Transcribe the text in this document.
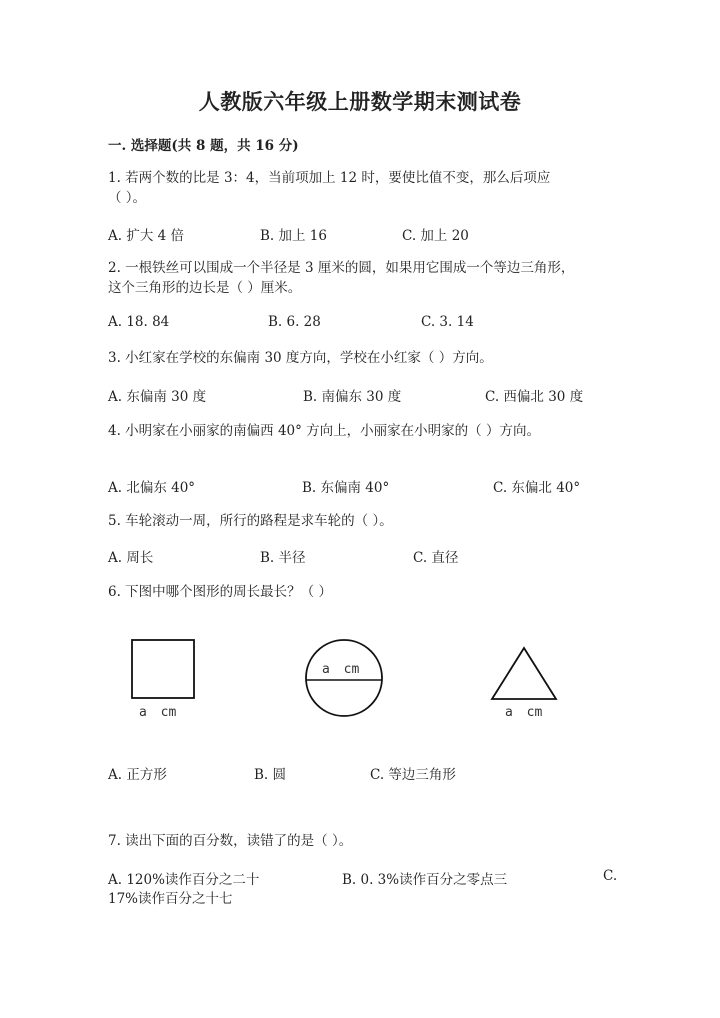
人教版六年级上册数学期末测试卷
一. 选择题(共 8 题，共 16 分)
1. 若两个数的比是 3：4，当前项加上 12 时，要使比值不变，那么后项应
（ ）。
A. 扩大 4 倍	B. 加上 16	C. 加上 20
2. 一根铁丝可以围成一个半径是 3 厘米的圆，如果用它围成一个等边三角形，
这个三角形的边长是（ ）厘米。
A. 18. 84	B. 6. 28	C. 3. 14
3. 小红家在学校的东偏南 30 度方向，学校在小红家（ ）方向。
A. 东偏南 30 度	B. 南偏东 30 度	C. 西偏北 30 度
4. 小明家在小丽家的南偏西 40° 方向上，小丽家在小明家的（ ）方向。
A. 北偏东 40°	B. 东偏南 40°	C. 东偏北 40°
5. 车轮滚动一周，所行的路程是求车轮的（ ）。
A. 周长	B. 半径	C. 直径
6. 下图中哪个图形的周长最长？（ ）
a cm
a cm
a cm
A. 正方形	B. 圆	C. 等边三角形
7. 读出下面的百分数，读错了的是（ ）。
A. 120%读作百分之二十	B. 0. 3%读作百分之零点三	C.
17%读作百分之十七
